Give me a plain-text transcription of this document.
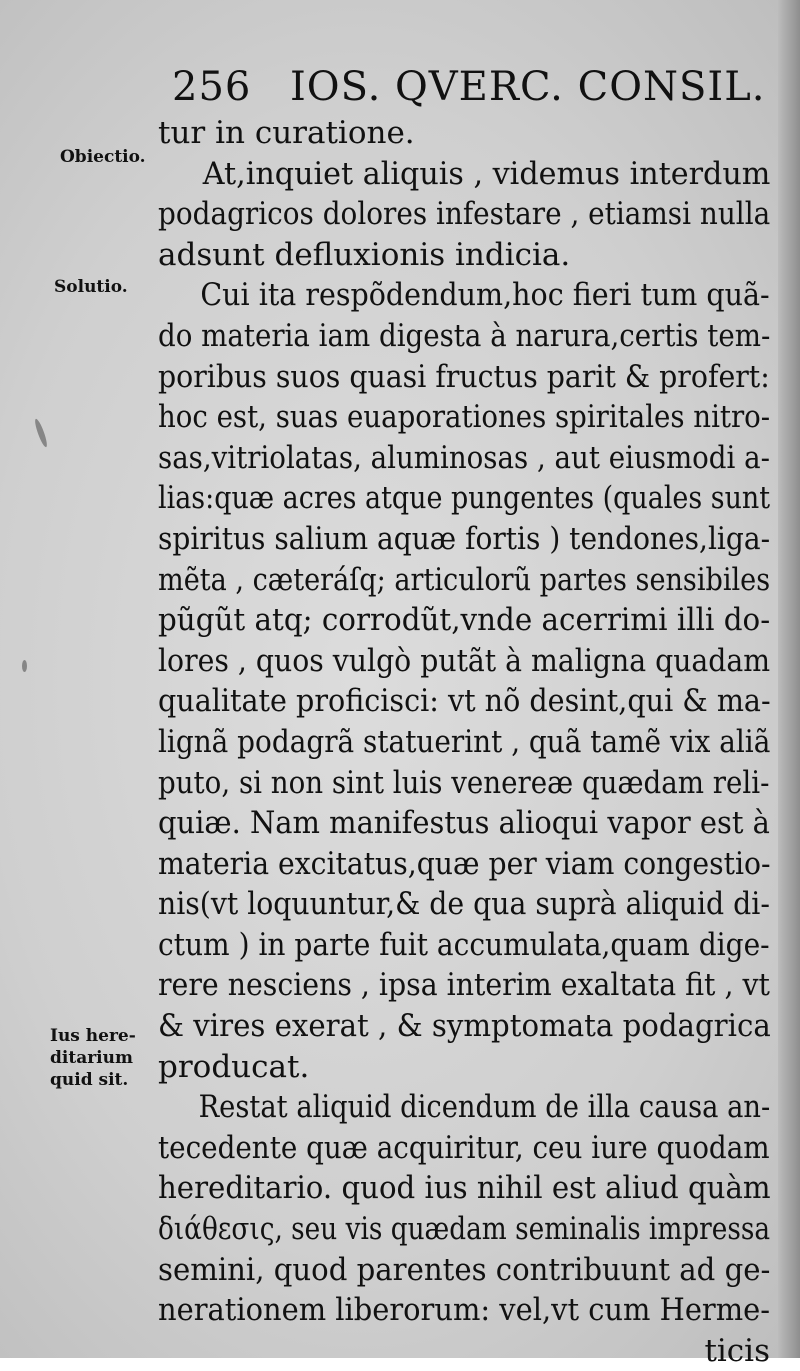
256 IOS. QVERC. CONSIL.
Obiectio.
Solutio.
Ius here-
ditarium
quid sit.
tur in curatione.
At,inquiet aliquis , videmus interdum
podagricos dolores infestare , etiamsi nulla
adsunt defluxionis indicia.
Cui ita respõdendum,hoc fieri tum quã-
do materia iam digesta à narura,certis tem-
poribus suos quasi fructus parit & profert:
hoc est, suas euaporationes spiritales nitro-
sas,vitriolatas, aluminosas , aut eiusmodi a-
lias:quæ acres atque pungentes (quales sunt
spiritus salium aquæ fortis ) tendones,liga-
mẽta , cæteráſq; articulorũ partes sensibiles
pũgũt atq; corrodũt,vnde acerrimi illi do-
lores , quos vulgò putãt à maligna quadam
qualitate proficisci: vt nõ desint,qui & ma-
lignã podagrã statuerint , quã tamẽ vix aliã
puto, si non sint luis venereæ quædam reli-
quiæ. Nam manifestus alioqui vapor est à
materia excitatus,quæ per viam congestio-
nis(vt loquuntur,& de qua suprà aliquid di-
ctum ) in parte fuit accumulata,quam dige-
rere nesciens , ipsa interim exaltata fit , vt
& vires exerat , & symptomata podagrica
producat.
Restat aliquid dicendum de illa causa an-
tecedente quæ acquiritur, ceu iure quodam
hereditario. quod ius nihil est aliud quàm
διάθεσις, seu vis quædam seminalis impressa
semini, quod parentes contribuunt ad ge-
nerationem liberorum: vel,vt cum Herme-
ticis
